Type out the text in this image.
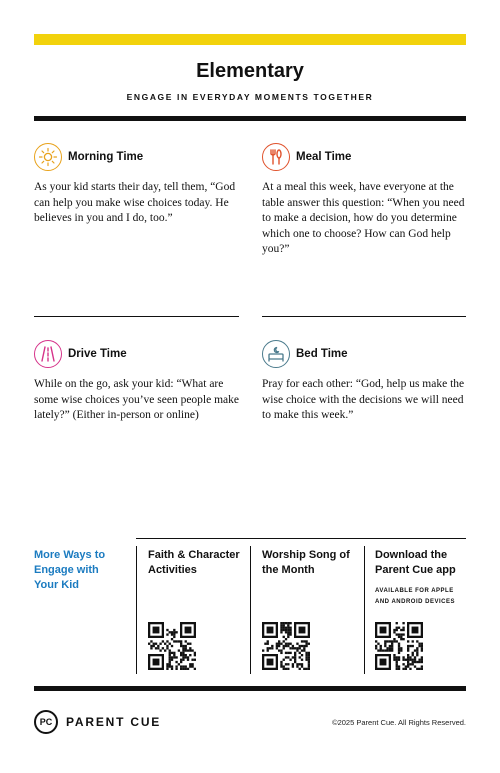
Elementary
ENGAGE IN EVERYDAY MOMENTS TOGETHER
Morning Time
As your kid starts their day, tell them, “God can help you make wise choices today. He believes in you and I do, too.”
Meal Time
At a meal this week, have everyone at the table answer this question: “When you need to make a decision, how do you determine which one to choose? How can God help you?”
Drive Time
While on the go, ask your kid: “What are some wise choices you’ve seen people make lately?” (Either in-person or online)
Bed Time
Pray for each other: “God, help us make the wise choice with the decisions we will need to make this week.”
More Ways to Engage with Your Kid
Faith & Character Activities
Worship Song of the Month
Download the Parent Cue app
AVAILABLE FOR APPLE AND ANDROID DEVICES
PC	PARENT CUE	©2025 Parent Cue. All Rights Reserved.
